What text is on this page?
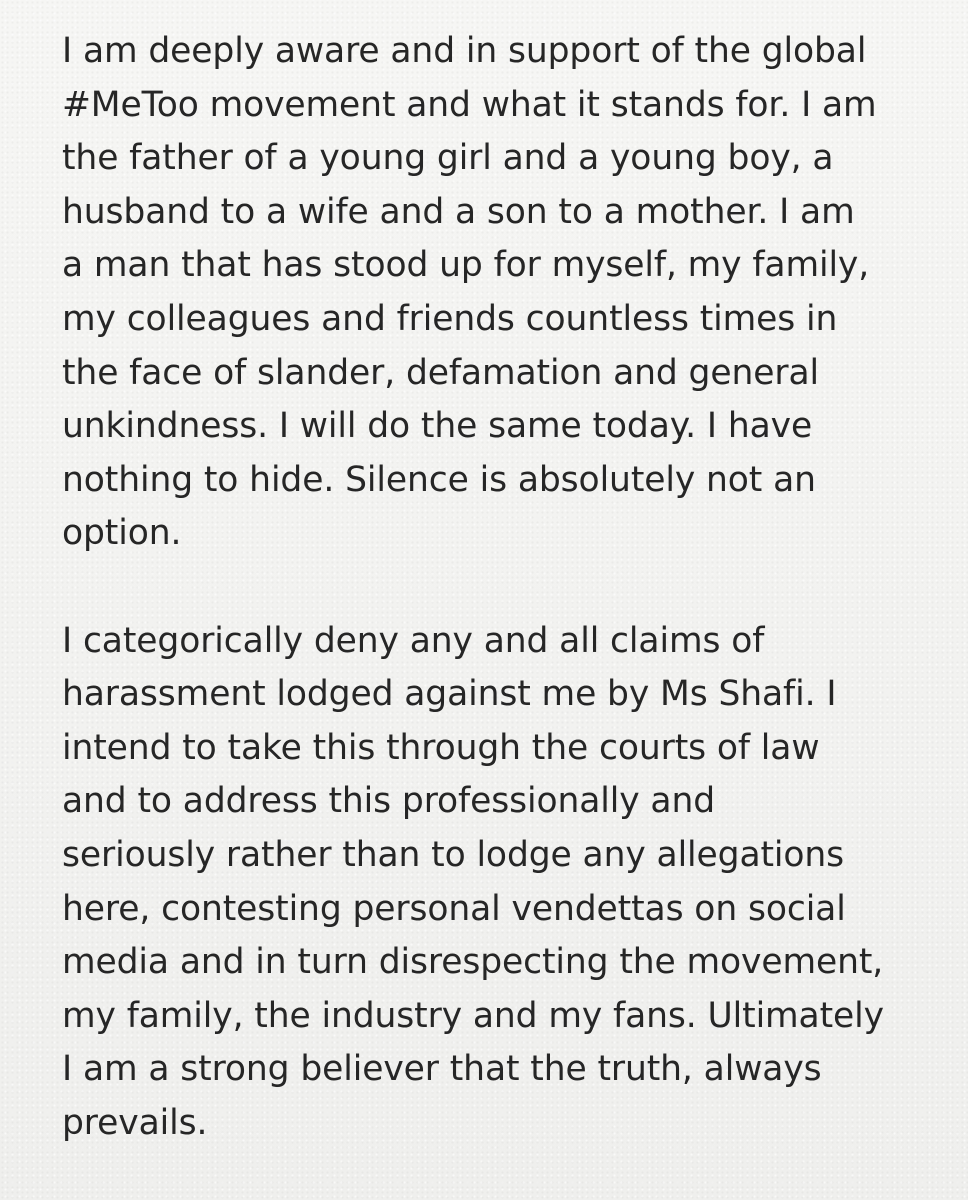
I am deeply aware and in support of the global
#MeToo movement and what it stands for. I am
the father of a young girl and a young boy, a
husband to a wife and a son to a mother. I am
a man that has stood up for myself, my family,
my colleagues and friends countless times in
the face of slander, defamation and general
unkindness. I will do the same today. I have
nothing to hide. Silence is absolutely not an
option.
I categorically deny any and all claims of
harassment lodged against me by Ms Shafi. I
intend to take this through the courts of law
and to address this professionally and
seriously rather than to lodge any allegations
here, contesting personal vendettas on social
media and in turn disrespecting the movement,
my family, the industry and my fans. Ultimately
I am a strong believer that the truth, always
prevails.
